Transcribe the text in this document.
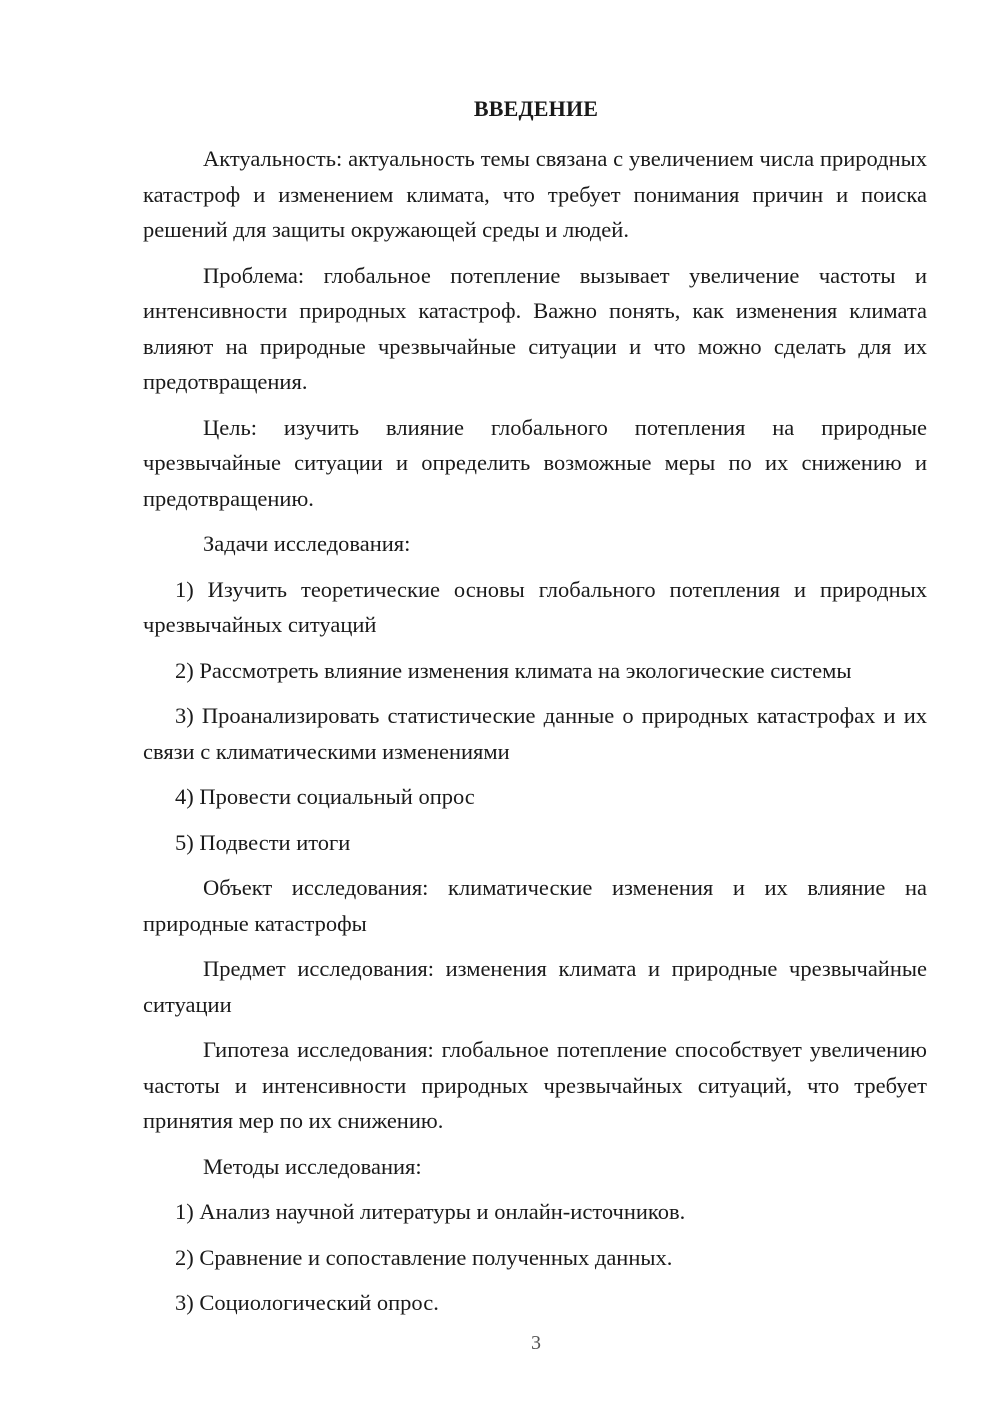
ВВЕДЕНИЕ

Актуальность: актуальность темы связана с увеличением числа природных катастроф и изменением климата, что требует понимания причин и поиска решений для защиты окружающей среды и людей.

Проблема: глобальное потепление вызывает увеличение частоты и интенсивности природных катастроф. Важно понять, как изменения климата влияют на природные чрезвычайные ситуации и что можно сделать для их предотвращения.

Цель: изучить влияние глобального потепления на природные чрезвычайные ситуации и определить возможные меры по их снижению и предотвращению.

Задачи исследования:

1) Изучить теоретические основы глобального потепления и природных чрезвычайных ситуаций

2) Рассмотреть влияние изменения климата на экологические системы

3) Проанализировать статистические данные о природных катастрофах и их связи с климатическими изменениями

4) Провести социальный опрос

5) Подвести итоги

Объект исследования: климатические изменения и их влияние на природные катастрофы

Предмет исследования: изменения климата и природные чрезвычайные ситуации

Гипотеза исследования: глобальное потепление способствует увеличению частоты и интенсивности природных чрезвычайных ситуаций, что требует принятия мер по их снижению.

Методы исследования:

1) Анализ научной литературы и онлайн-источников.

2) Сравнение и сопоставление полученных данных.

3) Социологический опрос.

3
